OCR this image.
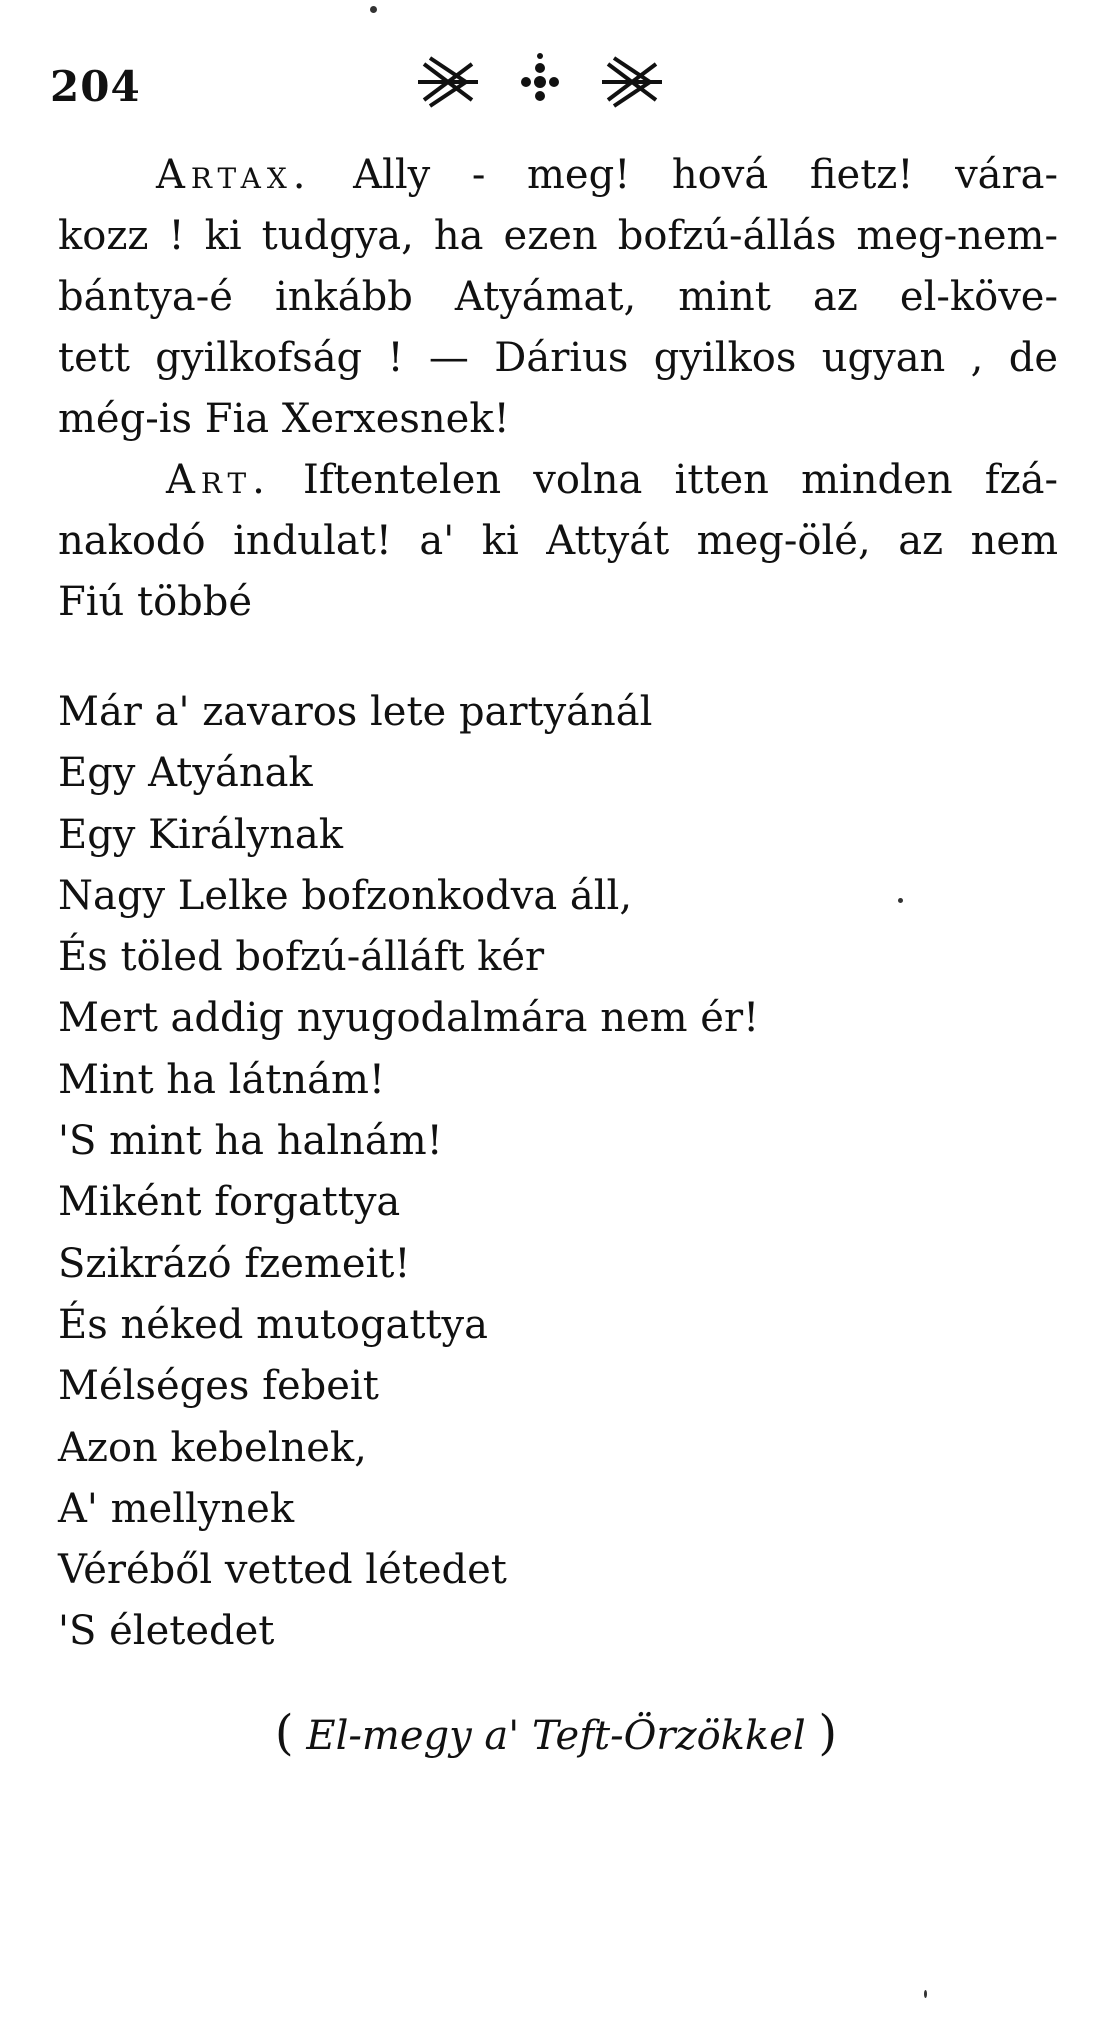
204
Artax. Ally - meg! hová fietz! vára-
kozz ! ki tudgya, ha ezen bofzú-állás meg-nem-
bántya-é inkább Atyámat, mint az el-köve-
tett gyilkofság ! — Dárius gyilkos ugyan , de
még-is Fia Xerxesnek!
Art. Iftentelen volna itten minden fzá-
nakodó indulat! a' ki Attyát meg-ölé, az nem
Fiú többé
Már a' zavaros lete partyánál
Egy Atyának
Egy Királynak
Nagy Lelke bofzonkodva áll,
És töled bofzú-álláft kér
Mert addig nyugodalmára nem ér!
Mint ha látnám!
'S mint ha halnám!
Miként forgattya
Szikrázó fzemeit!
És néked mutogattya
Mélséges febeit
Azon kebelnek,
A' mellynek
Véréből vetted létedet
'S életedet
( El-megy a' Teft-Örzökkel )
